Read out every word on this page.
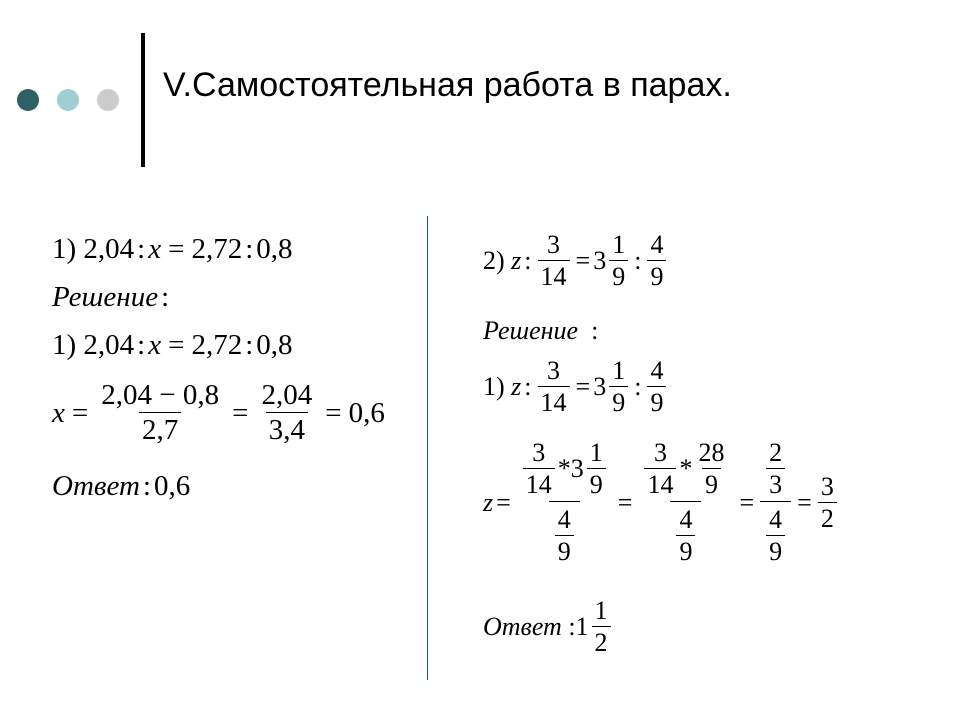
V.Самостоятельная работа в парах.
1)
2,04 : x = 2,72 : 0,8
Решение :
1)
2,04 : x = 2,72 : 0,8
$x = \frac{2,04 - 0,8}{2,7} = \frac{2,04}{3,4} = 0,6$
Ответ : 0,6
2)
z : $\frac{3}{14} = 3 \frac{1}{9}$ : $\frac{4}{9}$
Решение
:
1)
z : $\frac{3}{14} = 3 \frac{1}{9}$ : $\frac{4}{9}$
$z = \frac{\frac{3}{14} * 3 \frac{1}{9}}{\frac{4}{9}} = \frac{\frac{3}{14} * \frac{28}{9}}{\frac{4}{9}} = \frac{\frac{2}{3}}{\frac{4}{9}} = \frac{3}{2}$
Ответ
: $1 \frac{1}{2}$
